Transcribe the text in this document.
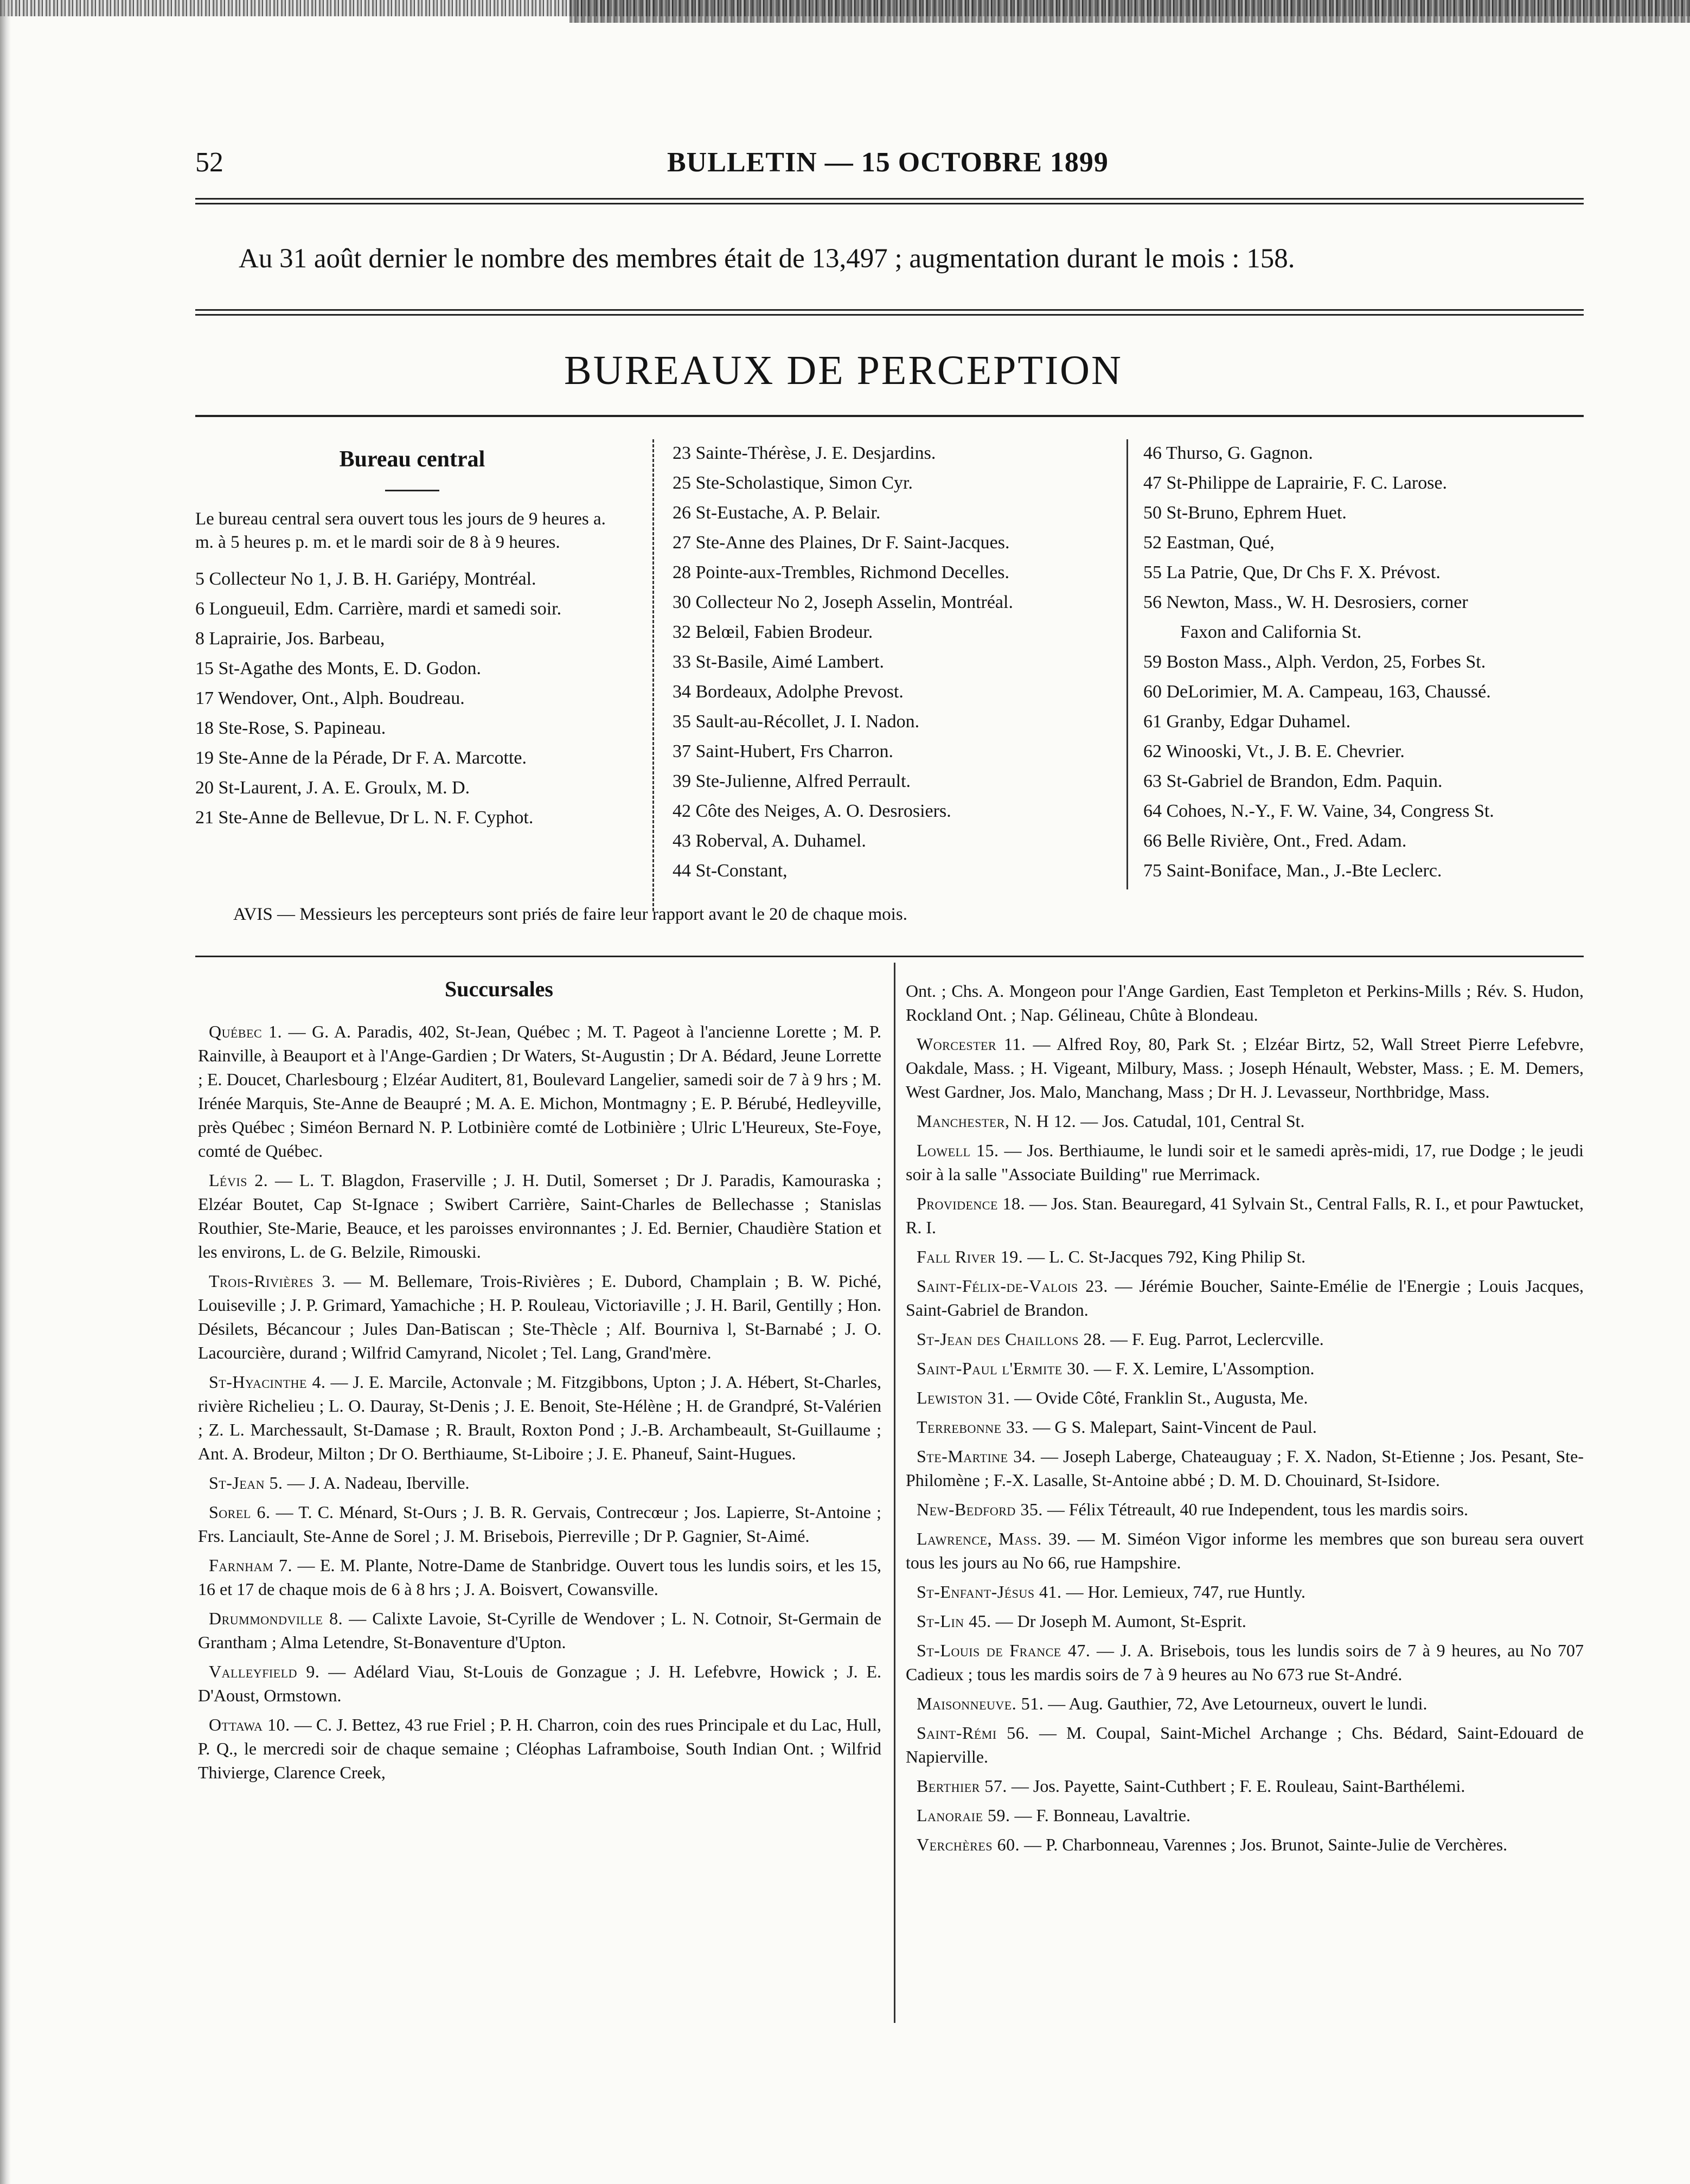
52	BULLETIN — 15 OCTOBRE 1899
Au 31 août dernier le nombre des membres était de 13,497 ; augmentation durant le mois : 158.
BUREAUX DE PERCEPTION
Bureau central
Le bureau central sera ouvert tous les jours de 9 heures a. m. à 5 heures p. m. et le mardi soir de 8 à 9 heures.
5 Collecteur No 1, J. B. H. Gariépy, Montréal.
6 Longueuil, Edm. Carrière, mardi et samedi soir.
8 Laprairie, Jos. Barbeau,
15 St-Agathe des Monts, E. D. Godon.
17 Wendover, Ont., Alph. Boudreau.
18 Ste-Rose, S. Papineau.
19 Ste-Anne de la Pérade, Dr F. A. Marcotte.
20 St-Laurent, J. A. E. Groulx, M. D.
21 Ste-Anne de Bellevue, Dr L. N. F. Cyphot.
23 Sainte-Thérèse, J. E. Desjardins.
25 Ste-Scholastique, Simon Cyr.
26 St-Eustache, A. P. Belair.
27 Ste-Anne des Plaines, Dr F. Saint-Jacques.
28 Pointe-aux-Trembles, Richmond Decelles.
30 Collecteur No 2, Joseph Asselin, Montréal.
32 Belœil, Fabien Brodeur.
33 St-Basile, Aimé Lambert.
34 Bordeaux, Adolphe Prevost.
35 Sault-au-Récollet, J. I. Nadon.
37 Saint-Hubert, Frs Charron.
39 Ste-Julienne, Alfred Perrault.
42 Côte des Neiges, A. O. Desrosiers.
43 Roberval, A. Duhamel.
44 St-Constant,
46 Thurso, G. Gagnon.
47 St-Philippe de Laprairie, F. C. Larose.
50 St-Bruno, Ephrem Huet.
52 Eastman, Qué,
55 La Patrie, Que, Dr Chs F. X. Prévost.
56 Newton, Mass., W. H. Desrosiers, corner
Faxon and California St.
59 Boston Mass., Alph. Verdon, 25, Forbes St.
60 DeLorimier, M. A. Campeau, 163, Chaussé.
61 Granby, Edgar Duhamel.
62 Winooski, Vt., J. B. E. Chevrier.
63 St-Gabriel de Brandon, Edm. Paquin.
64 Cohoes, N.-Y., F. W. Vaine, 34, Congress St.
66 Belle Rivière, Ont., Fred. Adam.
75 Saint-Boniface, Man., J.-Bte Leclerc.
AVIS — Messieurs les percepteurs sont priés de faire leur rapport avant le 20 de chaque mois.
Succursales

Québec 1. — G. A. Paradis, 402, St-Jean, Québec ; M. T. Pageot à l'ancienne Lorette ; M. P. Rainville, à Beauport et à l'Ange-Gardien ; Dr Waters, St-Augustin ; Dr A. Bédard, Jeune Lorrette ; E. Doucet, Charlesbourg ; Elzéar Auditert, 81, Boulevard Langelier, samedi soir de 7 à 9 hrs ; M. Irénée Marquis, Ste-Anne de Beaupré ; M. A. E. Michon, Montmagny ; E. P. Bérubé, Hedleyville, près Québec ; Siméon Bernard N. P. Lotbinière comté de Lotbinière ; Ulric L'Heureux, Ste-Foye, comté de Québec.

Lévis 2. — L. T. Blagdon, Fraserville ; J. H. Dutil, Somerset ; Dr J. Paradis, Kamouraska ; Elzéar Boutet, Cap St-Ignace ; Swibert Carrière, Saint-Charles de Bellechasse ; Stanislas Routhier, Ste-Marie, Beauce, et les paroisses environnantes ; J. Ed. Bernier, Chaudière Station et les environs, L. de G. Belzile, Rimouski.

Trois-Rivières 3. — M. Bellemare, Trois-Rivières ; E. Dubord, Champlain ; B. W. Piché, Louiseville ; J. P. Grimard, Yamachiche ; H. P. Rouleau, Victoriaville ; J. H. Baril, Gentilly ; Hon. Désilets, Bécancour ; Jules Dan-Batiscan ; Ste-Thècle ; Alf. Bourniva l, St-Barnabé ; J. O. Lacourcière, durand ; Wilfrid Camyrand, Nicolet ; Tel. Lang, Grand'mère.

St-Hyacinthe 4. — J. E. Marcile, Actonvale ; M. Fitzgibbons, Upton ; J. A. Hébert, St-Charles, rivière Richelieu ; L. O. Dauray, St-Denis ; J. E. Benoit, Ste-Hélène ; H. de Grandpré, St-Valérien ; Z. L. Marchessault, St-Damase ; R. Brault, Roxton Pond ; J.-B. Archambeault, St-Guillaume ; Ant. A. Brodeur, Milton ; Dr O. Berthiaume, St-Liboire ; J. E. Phaneuf, Saint-Hugues.

St-Jean 5. — J. A. Nadeau, Iberville.

Sorel 6. — T. C. Ménard, St-Ours ; J. B. R. Gervais, Contrecœur ; Jos. Lapierre, St-Antoine ; Frs. Lanciault, Ste-Anne de Sorel ; J. M. Brisebois, Pierreville ; Dr P. Gagnier, St-Aimé.

Farnham 7. — E. M. Plante, Notre-Dame de Stanbridge. Ouvert tous les lundis soirs, et les 15, 16 et 17 de chaque mois de 6 à 8 hrs ; J. A. Boisvert, Cowansville.

Drummondville 8. — Calixte Lavoie, St-Cyrille de Wendover ; L. N. Cotnoir, St-Germain de Grantham ; Alma Letendre, St-Bonaventure d'Upton.

Valleyfield 9. — Adélard Viau, St-Louis de Gonzague ; J. H. Lefebvre, Howick ; J. E. D'Aoust, Ormstown.

Ottawa 10. — C. J. Bettez, 43 rue Friel ; P. H. Charron, coin des rues Principale et du Lac, Hull, P. Q., le mercredi soir de chaque semaine ; Cléophas Laframboise, South Indian Ont. ; Wilfrid Thivierge, Clarence Creek,

Ont. ; Chs. A. Mongeon pour l'Ange Gardien, East Templeton et Perkins-Mills ; Rév. S. Hudon, Rockland Ont. ; Nap. Gélineau, Chûte à Blondeau.

Worcester 11. — Alfred Roy, 80, Park St. ; Elzéar Birtz, 52, Wall Street Pierre Lefebvre, Oakdale, Mass. ; H. Vigeant, Milbury, Mass. ; Joseph Hénault, Webster, Mass. ; E. M. Demers, West Gardner, Jos. Malo, Manchang, Mass ; Dr H. J. Levasseur, Northbridge, Mass.

Manchester, N. H 12. — Jos. Catudal, 101, Central St.

Lowell 15. — Jos. Berthiaume, le lundi soir et le samedi après-midi, 17, rue Dodge ; le jeudi soir à la salle "Associate Building" rue Merrimack.

Providence 18. — Jos. Stan. Beauregard, 41 Sylvain St., Central Falls, R. I., et pour Pawtucket, R. I.

Fall River 19. — L. C. St-Jacques 792, King Philip St.

Saint-Félix-de-Valois 23. — Jérémie Boucher, Sainte-Emélie de l'Energie ; Louis Jacques, Saint-Gabriel de Brandon.

St-Jean des Chaillons 28. — F. Eug. Parrot, Leclercville.

Saint-Paul l'Ermite 30. — F. X. Lemire, L'Assomption.

Lewiston 31. — Ovide Côté, Franklin St., Augusta, Me.

Terrebonne 33. — G S. Malepart, Saint-Vincent de Paul.

Ste-Martine 34. — Joseph Laberge, Chateauguay ; F. X. Nadon, St-Etienne ; Jos. Pesant, Ste-Philomène ; F.-X. Lasalle, St-Antoine abbé ; D. M. D. Chouinard, St-Isidore.

New-Bedford 35. — Félix Tétreault, 40 rue Independent, tous les mardis soirs.

Lawrence, Mass. 39. — M. Siméon Vigor informe les membres que son bureau sera ouvert tous les jours au No 66, rue Hampshire.

St-Enfant-Jésus 41. — Hor. Lemieux, 747, rue Huntly.

St-Lin 45. — Dr Joseph M. Aumont, St-Esprit.

St-Louis de France 47. — J. A. Brisebois, tous les lundis soirs de 7 à 9 heures, au No 707 Cadieux ; tous les mardis soirs de 7 à 9 heures au No 673 rue St-André.

Maisonneuve. 51. — Aug. Gauthier, 72, Ave Letourneux, ouvert le lundi.

Saint-Rémi 56. — M. Coupal, Saint-Michel Archange ; Chs. Bédard, Saint-Edouard de Napierville.

Berthier 57. — Jos. Payette, Saint-Cuthbert ; F. E. Rouleau, Saint-Barthélemi.

Lanoraie 59. — F. Bonneau, Lavaltrie.

Verchères 60. — P. Charbonneau, Varennes ; Jos. Brunot, Sainte-Julie de Verchères.
